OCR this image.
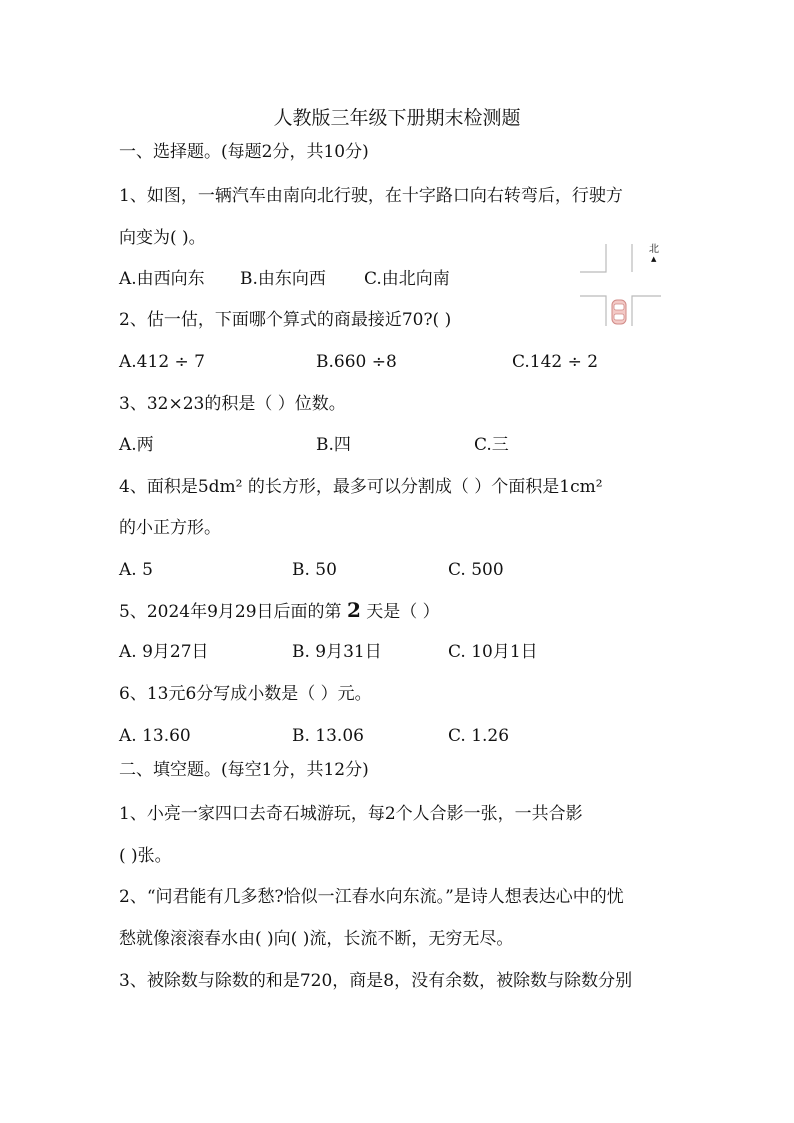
人教版三年级下册期末检测题
一、选择题。(每题2分，共10分)
1、如图，一辆汽车由南向北行驶，在十字路口向右转弯后，行驶方
向变为( )。
A.由西向东 B.由东向西 C.由北向南
北
▲
2、估一估，下面哪个算式的商最接近70?( )
A.412 ÷ 7	B.660 ÷8	C.142 ÷ 2
3、32×23的积是（ ）位数。
A.两	B.四	C.三
4、面积是5dm² 的长方形，最多可以分割成（ ）个面积是1cm²
的小正方形。
A. 5	B. 50	C. 500
5、2024年9月29日后面的第 2 天是（ ）
A. 9月27日	B. 9月31日	C. 10月1日
6、13元6分写成小数是（ ）元。
A. 13.60	B. 13.06	C. 1.26
二、填空题。(每空1分，共12分)
1、小亮一家四口去奇石城游玩，每2个人合影一张，一共合影
( )张。
2、“问君能有几多愁?恰似一江春水向东流。”是诗人想表达心中的忧
愁就像滚滚春水由( )向( )流，长流不断，无穷无尽。
3、被除数与除数的和是720，商是8，没有余数，被除数与除数分别
